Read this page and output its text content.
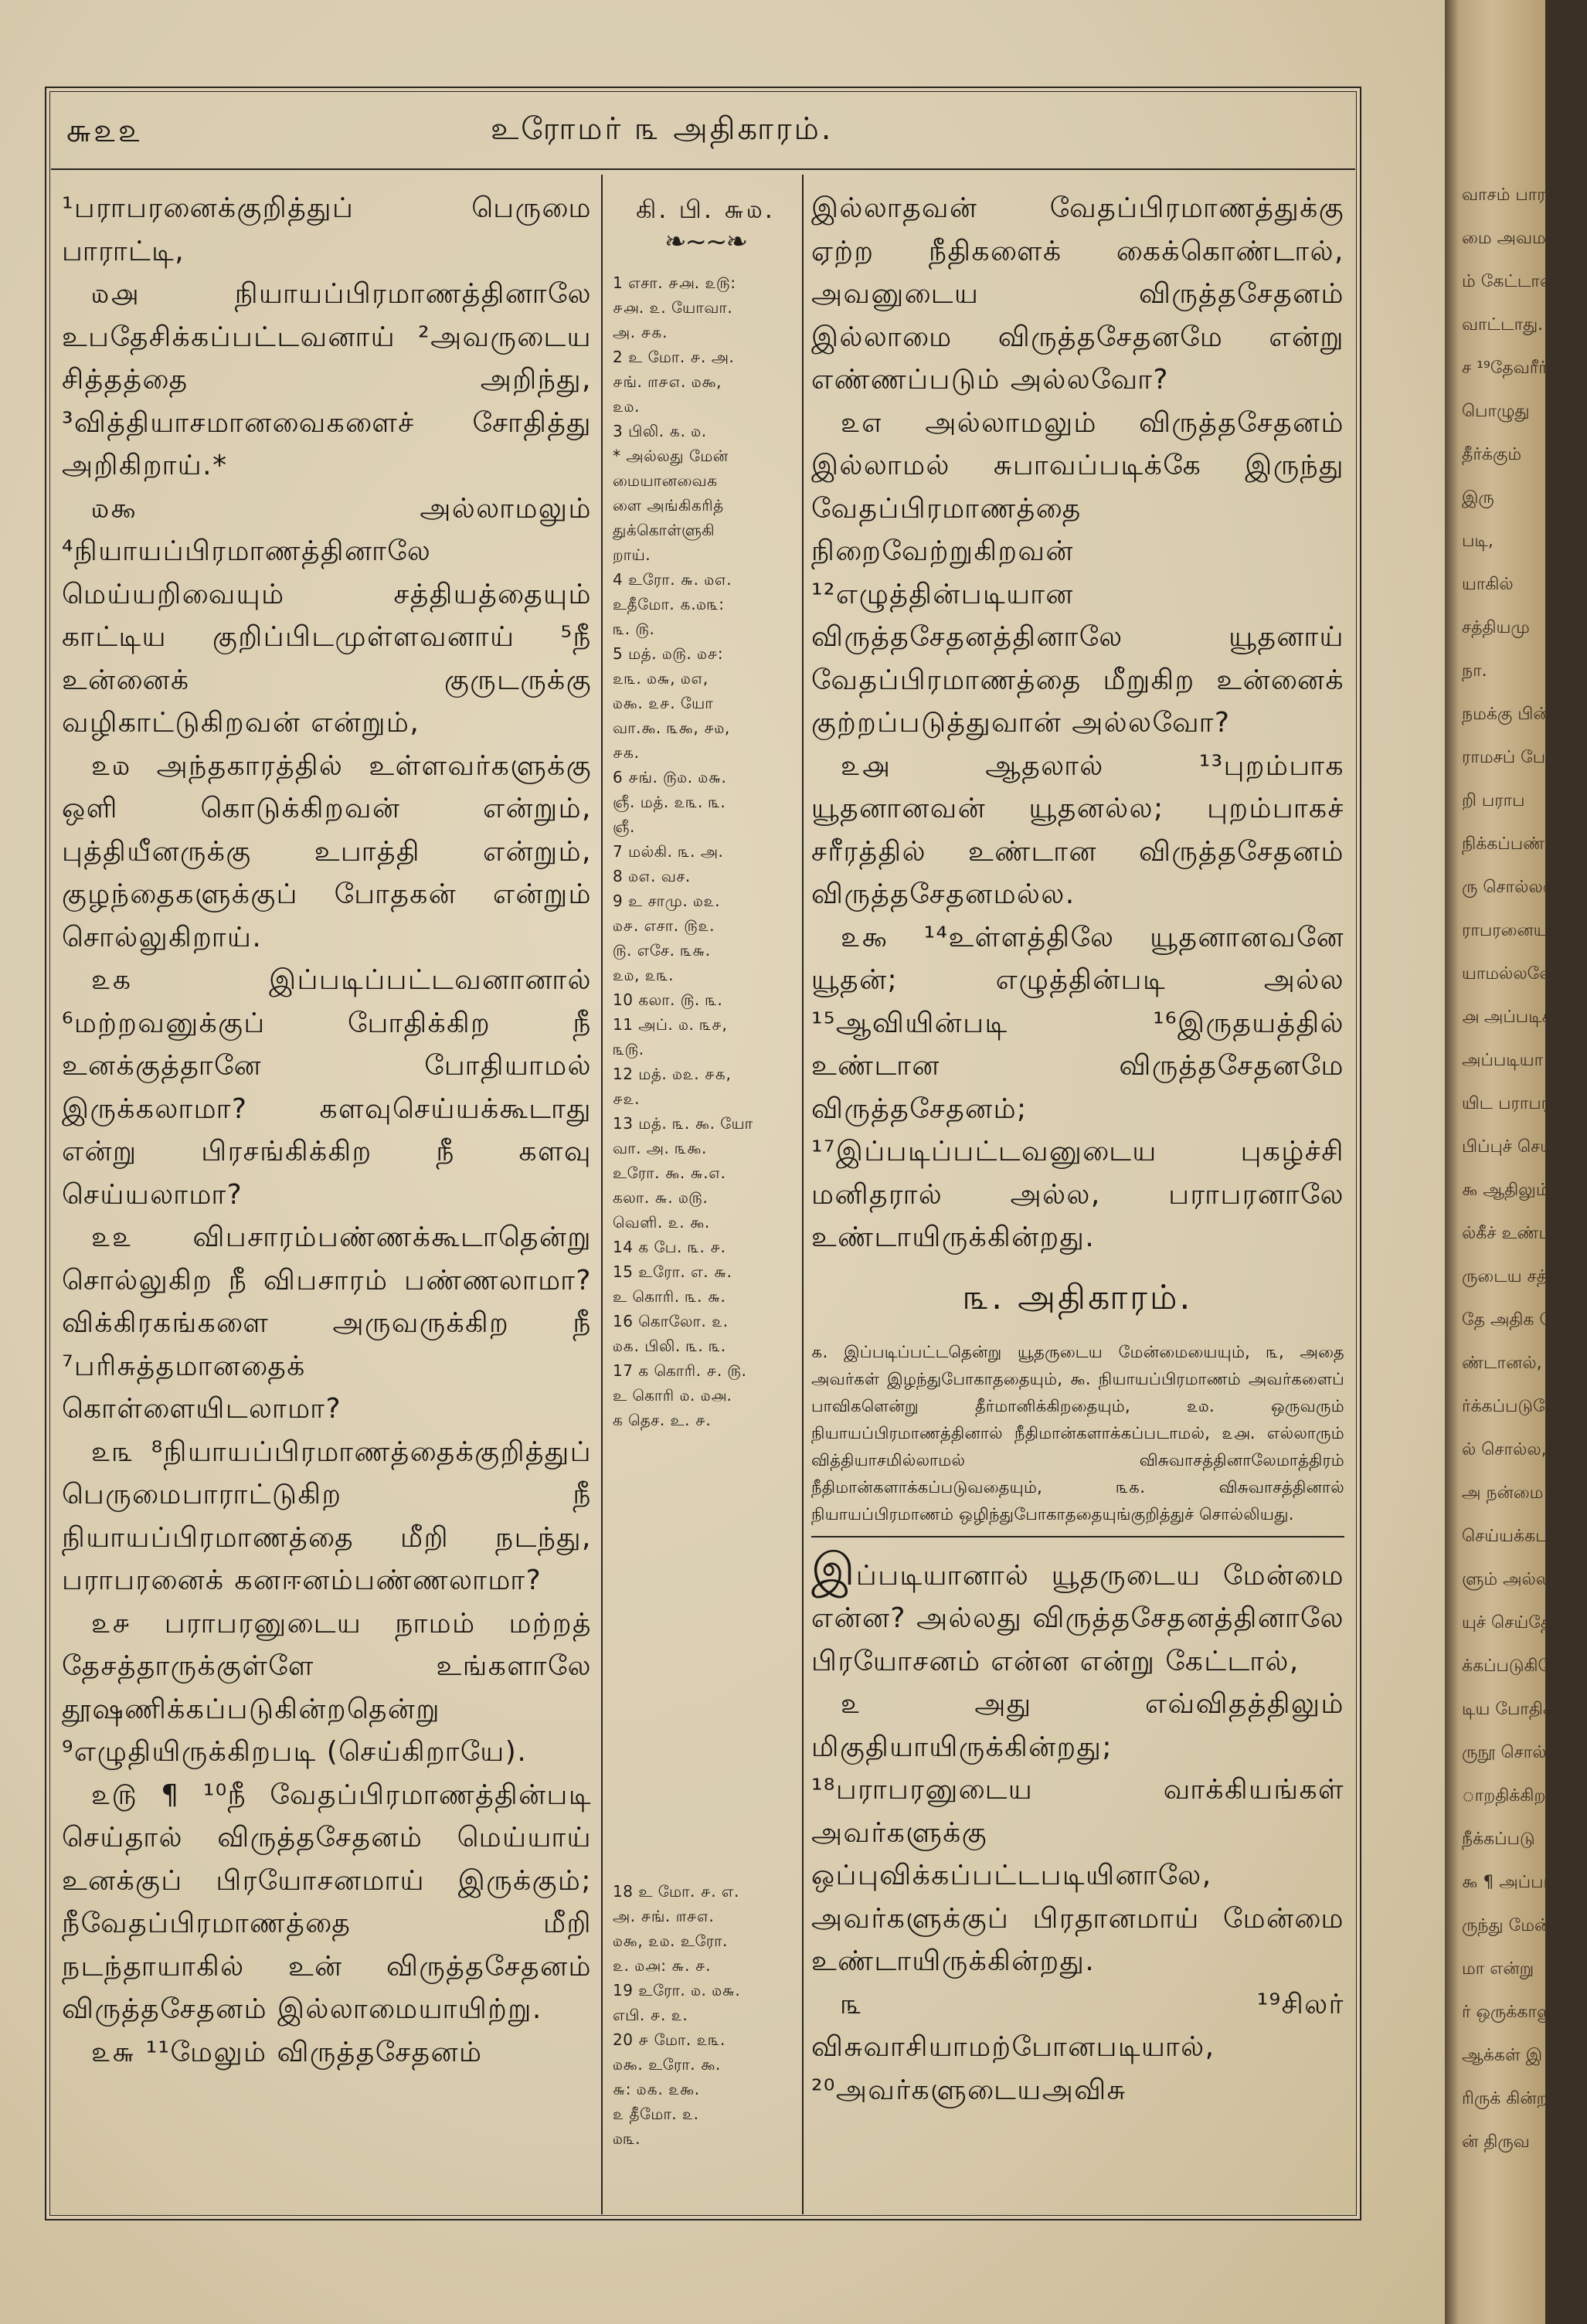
௬௨௨	உரோமர் ௩ அதிகாரம்.

¹பராபரனைக்குறித்துப் பெருமை பாராட்டி,

௰௮ நியாயப்பிரமாணத்தினாலே உபதேசிக்கப்பட்டவனாய் ²அவருடைய சித்தத்தை அறிந்து, ³வித்தியாசமானவைகளைச் சோதித்து அறிகிறாய்.*

௰௯ அல்லாமலும் ⁴நியாயப்பிரமாணத்தினாலே மெய்யறிவையும் சத்தியத்தையும் காட்டிய குறிப்பிடமுள்ளவனாய் ⁵நீ உன்னைக் குருடருக்கு வழிகாட்டுகிறவன் என்றும்,

௨௰ அந்தகாரத்தில் உள்ளவர்களுக்கு ஒளி கொடுக்கிறவன் என்றும், புத்தியீனருக்கு உபாத்தி என்றும், குழந்தைகளுக்குப் போதகன் என்றும் சொல்லுகிறாய்.

௨௧ இப்படிப்பட்டவனானால் ⁶மற்றவனுக்குப் போதிக்கிற நீ உனக்குத்தானே போதியாமல் இருக்கலாமா? களவுசெய்யக்கூடாது என்று பிரசங்கிக்கிற நீ களவு செய்யலாமா?

௨௨ விபசாரம்பண்ணக்கூடாதென்று சொல்லுகிற நீ விபசாரம் பண்ணலாமா? விக்கிரகங்களை அருவருக்கிற நீ ⁷பரிசுத்தமானதைக் கொள்ளையிடலாமா?

௨௩ ⁸நியாயப்பிரமாணத்தைக்குறித்துப் பெருமைபாராட்டுகிற நீ நியாயப்பிரமாணத்தை மீறி நடந்து, பராபரனைக் கனஈனம்பண்ணலாமா?

௨௪ பராபரனுடைய நாமம் மற்றத் தேசத்தாருக்குள்ளே உங்களாலே தூஷணிக்கப்படுகின்றதென்று ⁹எழுதியிருக்கிறபடி (செய்கிறாயே).

௨௫ ¶ ¹⁰நீ வேதப்பிரமாணத்தின்படி செய்தால் விருத்தசேதனம் மெய்யாய் உனக்குப் பிரயோசனமாய் இருக்கும்; நீவேதப்பிரமாணத்தை மீறி நடந்தாயாகில் உன் விருத்தசேதனம் விருத்தசேதனம் இல்லாமையாயிற்று.

௨௬ ¹¹மேலும் விருத்தசேதனம்

கி. பி. ௬௰.
❧~~❧
1 எசா. ௪௮. ௨௫:
௪௮. ௨. யோவா.
அ. ௪௧.
2 உ மோ. ௪. அ.
௪ங். ௱௪௭. ௰௯,
௨௰.
3 பிலி. ௧. ௰.
* அல்லது மேன்
மையானவைக
ளை அங்கிகரித்
துக்கொள்ளுகி
றாய்.
4 உரோ. ௬. ௰௭.
உதீமோ. ௧.௰௩:
௩. ௫.
5 மத். ௰௫. ௰௪:
௨௩. ௰௬, ௰௭,
௰௯. ௨௪. யோ
வா.௯. ௩௯, ௪௰,
௪௧.
6 ௪ங். ௫௰. ௰௬.
ஞீ. மத். ௨௩. ௩.
ஞீ.
7 மல்கி. ௩. அ.
8 ௰௭. வச.
9 உ சாமு. ௰௨.
௰௪. எசா. ௫௨.
௫. எசே. ௩௬.
௨௰, ௨௩.
10 கலா. ௫. ௩.
11 அப். ௰. ௩௪,
௩௫.
12 மத். ௰௨. ௪௧,
௪௨.
13 மத். ௩. ௯. யோ
வா. அ. ௩௯.
உரோ. ௯. ௬.௭.
கலா. ௬. ௰௫.
வெளி. ௨. ௯.
14 க பே. ௩. ௪.
15 உரோ. எ. ௬.
உ கொரி. ௩. ௬.
16 கொலோ. ௨.
௰௧. பிலி. ௩. ௩.
17 க கொரி. ௪. ௫.
உ கொரி ௰. ௰௮.
க தெச. உ. ௪.
18 உ மோ. ௪. எ.
அ. ௪ங். ௱௪௭.
௰௯, ௨௰. உரோ.
௨. ௰௮: ௬. ௪.
19 உரோ. ௰. ௰௬.
எபி. ௪. ௨.
20 ௪ மோ. ௨௩.
௰௯. உரோ. ௯.
௬: ௰௧. ௨௯.
௨ தீமோ. ௨.
௰௩.

இல்லாதவன் வேதப்பிரமாணத்துக்கு ஏற்ற நீதிகளைக் கைக்கொண்டால், அவனுடைய விருத்தசேதனம் இல்லாமை விருத்தசேதனமே என்று எண்ணப்படும் அல்லவோ?

௨௭ அல்லாமலும் விருத்தசேதனம் இல்லாமல் சுபாவப்படிக்கே இருந்து வேதப்பிரமாணத்தை நிறைவேற்றுகிறவன் ¹²எழுத்தின்படியான விருத்தசேதனத்தினாலே யூதனாய் வேதப்பிரமாணத்தை மீறுகிற உன்னைக் குற்றப்படுத்துவான் அல்லவோ?

௨௮ ஆதலால் ¹³புறம்பாக யூதனானவன் யூதனல்ல; புறம்பாகச் சரீரத்தில் உண்டான விருத்தசேதனம் விருத்தசேதனமல்ல.

௨௯ ¹⁴உள்ளத்திலே யூதனானவனே யூதன்; எழுத்தின்படி அல்ல ¹⁵ஆவியின்படி ¹⁶இருதயத்தில் உண்டான விருத்தசேதனமே விருத்தசேதனம்; ¹⁷இப்படிப்பட்டவனுடைய புகழ்ச்சி மனிதரால் அல்ல, பராபரனாலே உண்டாயிருக்கின்றது.

௩. அதிகாரம்.
௧. இப்படிப்பட்டதென்று யூதருடைய மேன்மையையும், ௩, அதை அவர்கள் இழந்துபோகாததையும், ௯. நியாயப்பிரமாணம் அவர்களைப் பாவிகளென்று தீர்மானிக்கிறதையும், ௨௰. ஒருவரும் நியாயப்பிரமாணத்தினால் நீதிமான்களாக்கப்படாமல், ௨௮. எல்லாரும் வித்தியாசமில்லாமல் விசுவாசத்தினாலேமாத்திரம் நீதிமான்களாக்கப்படுவதையும், ௩௧. விசுவாசத்தினால் நியாயப்பிரமாணம் ஒழிந்துபோகாததையுங்குறித்துச் சொல்லியது.

இப்படியானால் யூதருடைய மேன்மை என்ன? அல்லது விருத்தசேதனத்தினாலே பிரயோசனம் என்ன என்று கேட்டால்,

௨ அது எவ்விதத்திலும் மிகுதியாயிருக்கின்றது; ¹⁸பராபரனுடைய வாக்கியங்கள் அவர்களுக்கு ஒப்புவிக்கப்பட்டபடியினாலே, அவர்களுக்குப் பிரதானமாய் மேன்மை உண்டாயிருக்கின்றது.

௩ ¹⁹சிலர் விசுவாசியாமற்போனபடியால், ²⁰அவர்களுடையஅவிசு

வாசம் பாராபர
மை அவமாக்கு
ம் கேட்டால்
வாட்டாது.
ச ¹⁹தேவரீர்
பொழுது
தீர்க்கும்
இரு
படி,
யாகில்
சத்தியமு
நா.
நமக்கு பின்னும்
ராமசப் பே
றி பராப
நிக்கப்பண்
ரு சொல்லலாம
ராபரனையக்
யாமல்லவே
௮ அப்படிச்
அப்படியா
யிட பராபரன்
பிப்புச் செய்வ
௯ ஆதிலும் ம
ல்கீச் உண்டா
ருடைய சத்திய
தே அதிக மே
ண்டானல்,
ர்க்கப்படுவே
ல் சொல்ல,)
அ நன்மை வ
செய்யக்கடா
ளும் அல்லவோ
யுச் செய்தோ
க்கப்படுகிறே
டிய போதிக
ருநூ சொல்
ாறதிக்கிறவ
நீக்கப்படு
௯ ¶ அப்படி
ருந்து மேன்
மா என்று
ர் ஒருக்காலு
ஆக்கள் இ
ரிருக் கின்ற
ன் திருவ
